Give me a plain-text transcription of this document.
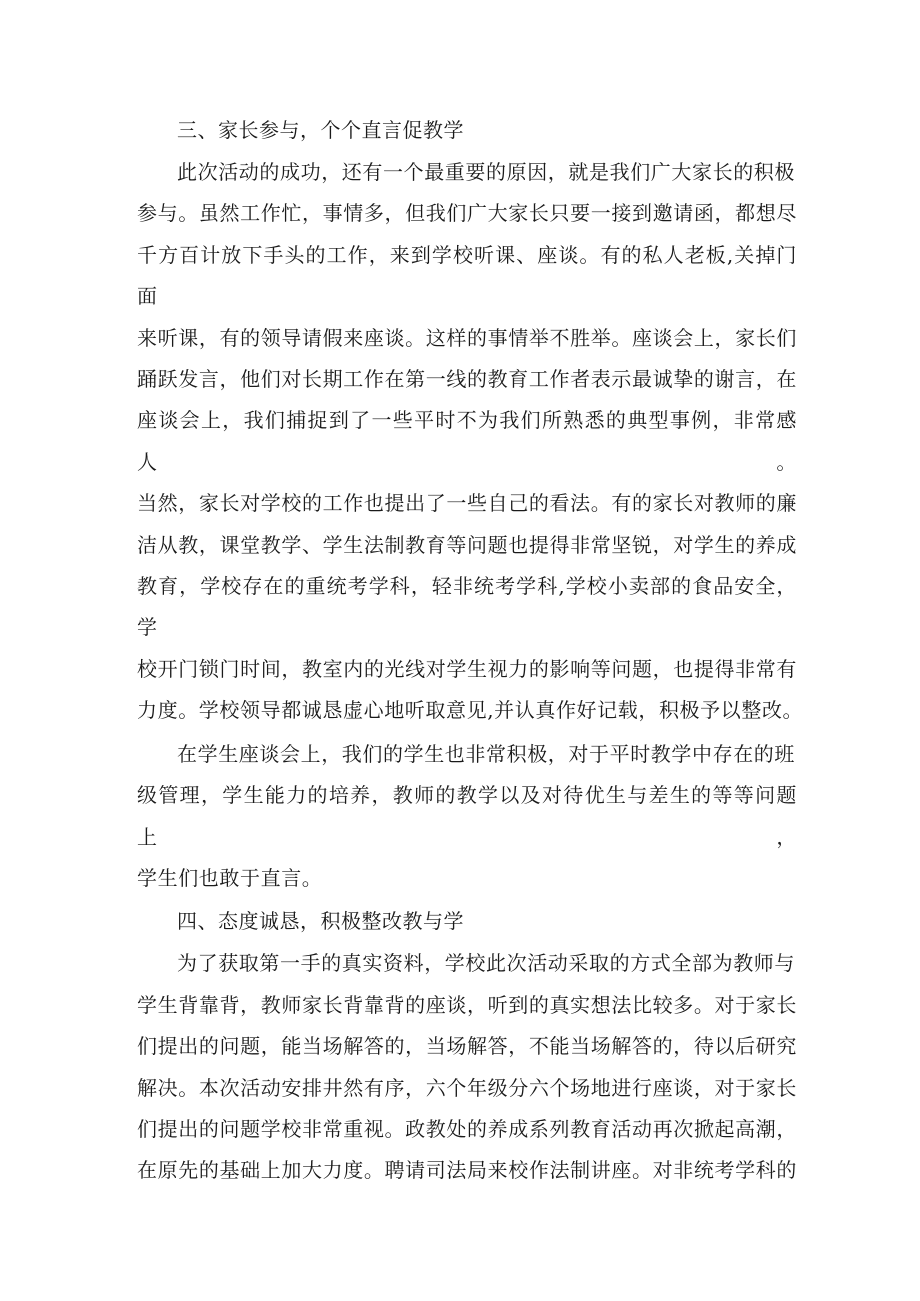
三、家长参与，个个直言促教学
此次活动的成功，还有一个最重要的原因，就是我们广大家长的积极
参与。虽然工作忙，事情多，但我们广大家长只要一接到邀请函，都想尽
千方百计放下手头的工作，来到学校听课、座谈。有的私人老板,关掉门面
来听课，有的领导请假来座谈。这样的事情举不胜举。座谈会上，家长们
踊跃发言，他们对长期工作在第一线的教育工作者表示最诚挚的谢言，在
座谈会上，我们捕捉到了一些平时不为我们所熟悉的典型事例，非常感人。
当然，家长对学校的工作也提出了一些自己的看法。有的家长对教师的廉
洁从教，课堂教学、学生法制教育等问题也提得非常坚锐，对学生的养成
教育，学校存在的重统考学科，轻非统考学科,学校小卖部的食品安全，学
校开门锁门时间，教室内的光线对学生视力的影响等问题，也提得非常有
力度。学校领导都诚恳虚心地听取意见,并认真作好记载，积极予以整改。
在学生座谈会上，我们的学生也非常积极，对于平时教学中存在的班
级管理，学生能力的培养，教师的教学以及对待优生与差生的等等问题上，
学生们也敢于直言。
四、态度诚恳，积极整改教与学
为了获取第一手的真实资料，学校此次活动采取的方式全部为教师与
学生背靠背，教师家长背靠背的座谈，听到的真实想法比较多。对于家长
们提出的问题，能当场解答的，当场解答，不能当场解答的，待以后研究
解决。本次活动安排井然有序，六个年级分六个场地进行座谈，对于家长
们提出的问题学校非常重视。政教处的养成系列教育活动再次掀起高潮，
在原先的基础上加大力度。聘请司法局来校作法制讲座。对非统考学科的
